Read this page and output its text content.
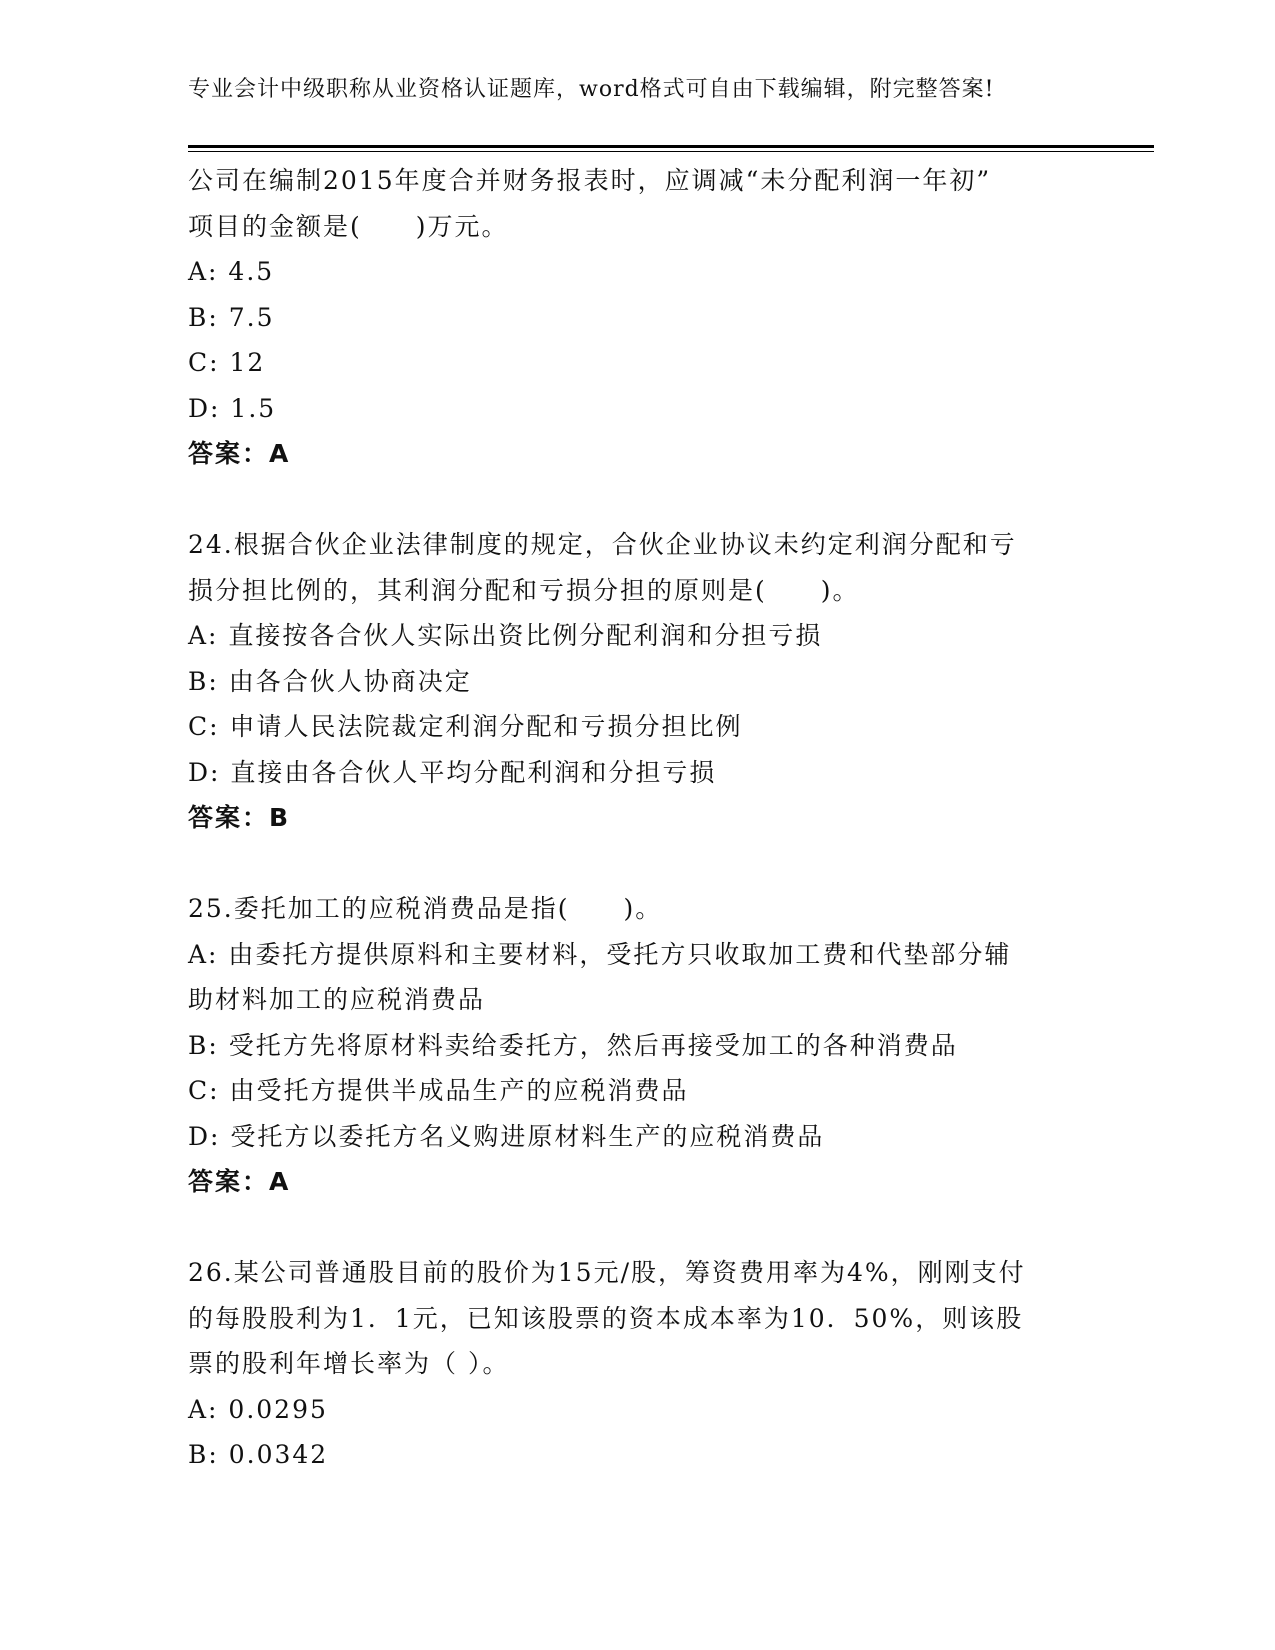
专业会计中级职称从业资格认证题库，word格式可自由下载编辑，附完整答案!
公司在编制2015年度合并财务报表时，应调减“未分配利润一年初”
项目的金额是(　　)万元。
A: 4.5
B: 7.5
C: 12
D: 1.5
答案：A
24.根据合伙企业法律制度的规定，合伙企业协议未约定利润分配和亏
损分担比例的，其利润分配和亏损分担的原则是(　　)。
A: 直接按各合伙人实际出资比例分配利润和分担亏损
B: 由各合伙人协商决定
C: 申请人民法院裁定利润分配和亏损分担比例
D: 直接由各合伙人平均分配利润和分担亏损
答案：B
25.委托加工的应税消费品是指(　　)。
A: 由委托方提供原料和主要材料，受托方只收取加工费和代垫部分辅
助材料加工的应税消费品
B: 受托方先将原材料卖给委托方，然后再接受加工的各种消费品
C: 由受托方提供半成品生产的应税消费品
D: 受托方以委托方名义购进原材料生产的应税消费品
答案：A
26.某公司普通股目前的股价为15元/股，筹资费用率为4%，刚刚支付
的每股股利为1．1元，已知该股票的资本成本率为10．50%，则该股
票的股利年增长率为（ ）。
A: 0.0295
B: 0.0342
